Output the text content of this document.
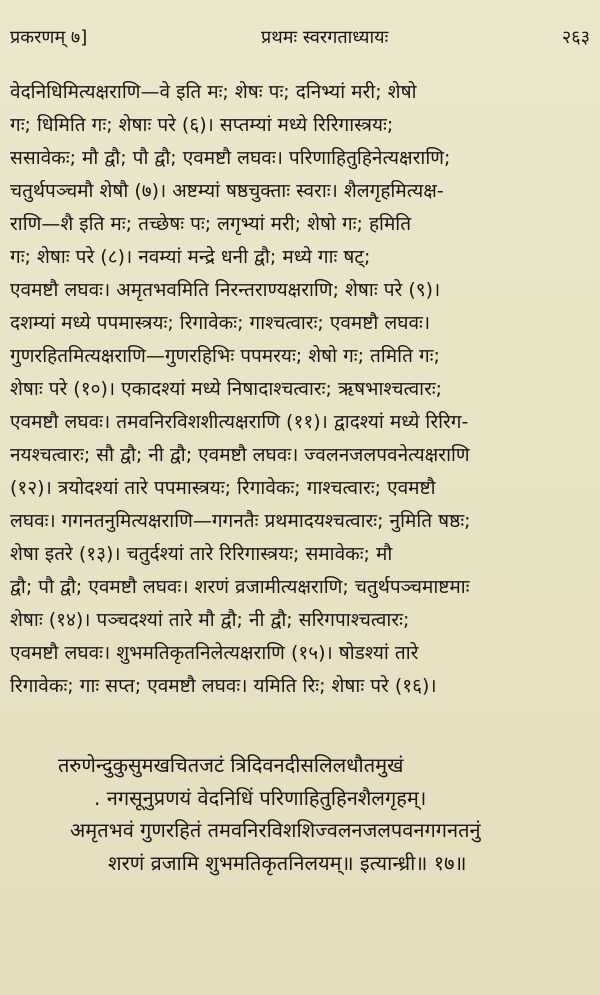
प्रकरणम् ७]	प्रथमः स्वरगताध्यायः	२६३
वेदनिधिमित्यक्षराणि—वे इति मः; शेषः पः; दनिभ्यां मरी; शेषो
गः; धिमिति गः; शेषाः परे (६)। सप्तम्यां मध्ये रिरिगास्त्रयः;
ससावेकः; मौ द्वौ; पौ द्वौ; एवमष्टौ लघवः। परिणाहितुहिनेत्यक्षराणि;
चतुर्थपञ्चमौ शेषौ (७)। अष्टम्यां षष्ठचुक्ताः स्वराः। शैलगृहमित्यक्ष-
राणि—शै इति मः; तच्छेषः पः; लगृभ्यां मरी; शेषो गः; हमिति
गः; शेषाः परे (८)। नवम्यां मन्द्रे धनी द्वौ; मध्ये गाः षट्;
एवमष्टौ लघवः। अमृतभवमिति निरन्तराण्यक्षराणि; शेषाः परे (९)।
दशम्यां मध्ये पपमास्त्रयः; रिगावेकः; गाश्चत्वारः; एवमष्टौ लघवः।
गुणरहितमित्यक्षराणि—गुणरहिभिः पपमरयः; शेषो गः; तमिति गः;
शेषाः परे (१०)। एकादश्यां मध्ये निषादाश्चत्वारः; ऋषभाश्चत्वारः;
एवमष्टौ लघवः। तमवनिरविशशीत्यक्षराणि (११)। द्वादश्यां मध्ये रिरिग-
नयश्चत्वारः; सौ द्वौ; नी द्वौ; एवमष्टौ लघवः। ज्वलनजलपवनेत्यक्षराणि
(१२)। त्रयोदश्यां तारे पपमास्त्रयः; रिगावेकः; गाश्चत्वारः; एवमष्टौ
लघवः। गगनतनुमित्यक्षराणि—गगनतैः प्रथमादयश्चत्वारः; नुमिति षष्ठः;
शेषा इतरे (१३)। चतुर्दश्यां तारे रिरिगास्त्रयः; समावेकः; मौ
द्वौ; पौ द्वौ; एवमष्टौ लघवः। शरणं व्रजामीत्यक्षराणि; चतुर्थपञ्चमाष्टमाः
शेषाः (१४)। पञ्चदश्यां तारे मौ द्वौ; नी द्वौ; सरिगपाश्चत्वारः;
एवमष्टौ लघवः। शुभमतिकृतनिलेत्यक्षराणि (१५)। षोडश्यां तारे
रिगावेकः; गाः सप्त; एवमष्टौ लघवः। यमिति रिः; शेषाः परे (१६)।
तरुणेन्दुकुसुमखचितजटं त्रिदिवनदीसलिलधौतमुखं
. नगसूनुप्रणयं वेदनिधिं परिणाहितुहिनशैलगृहम्।
अमृतभवं गुणरहितं तमवनिरविशशिज्वलनजलपवनगगनतनुं
शरणं व्रजामि शुभमतिकृतनिलयम्॥ इत्यान्ध्री॥ १७॥
